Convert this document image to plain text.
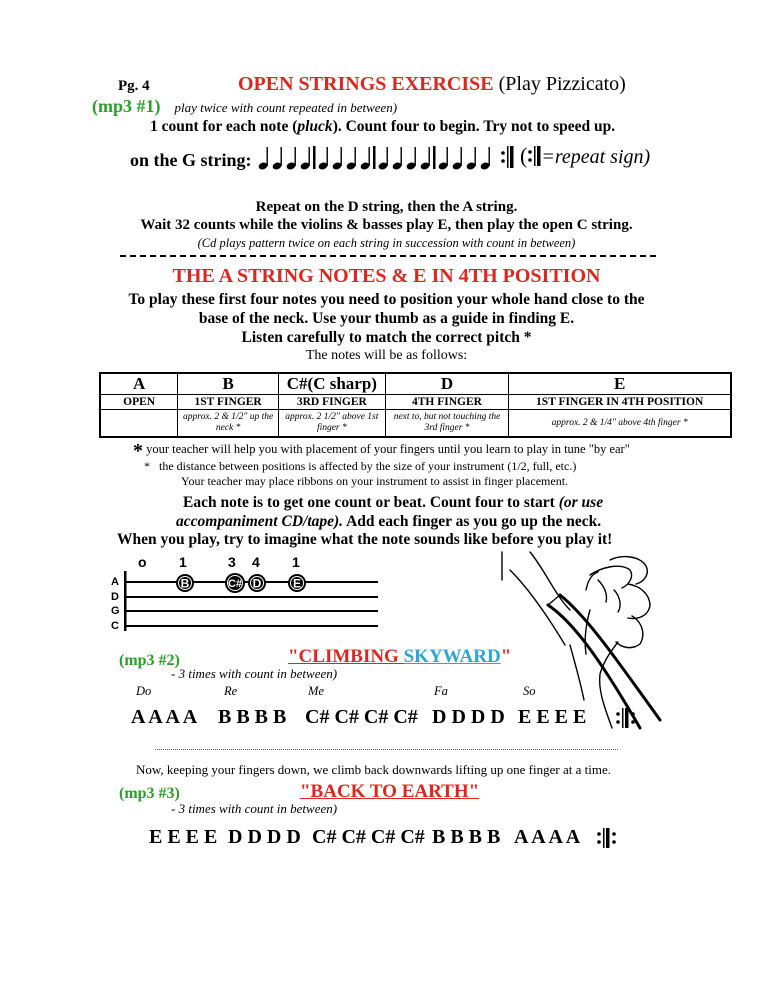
Pg. 4	OPEN STRINGS EXERCISE (Play Pizzicato)
(mp3 #1) play twice with count repeated in between)
1 count for each note (pluck). Count four to begin. Try not to speed up.
on the G string:	( =repeat sign)
Repeat on the D string, then the A string.
Wait 32 counts while the violins & basses play E, then play the open C string.
(Cd plays pattern twice on each string in succession with count in between)
THE A STRING NOTES & E IN 4TH POSITION
To play these first four notes you need to position your whole hand close to the
base of the neck. Use your thumb as a guide in finding E.
Listen carefully to match the correct pitch *
The notes will be as follows:
A	B	C#(C sharp)	D	E
OPEN	1ST FINGER	3RD FINGER	4TH FINGER	1ST FINGER IN 4TH POSITION
	approx. 2 & 1/2" up the neck *	approx. 2 1/2" above 1st finger *	next to, but not touching the 3rd finger *	approx. 2 & 1/4" above 4th finger *
* your teacher will help you with placement of your fingers until you learn to play in tune "by ear"
* the distance between positions is affected by the size of your instrument (1/2, full, etc.)
Your teacher may place ribbons on your instrument to assist in finger placement.
Each note is to get one count or beat. Count four to start (or use
accompaniment CD/tape). Add each finger as you go up the neck.
When you play, try to imagine what the note sounds like before you play it!
o 1	3 4 1
A
D
G
C
B	C# D	E
(mp3 #2)	"CLIMBING SKYWARD"
- 3 times with count in between)
Do	Re	Me	Fa	So
A A A A B B B B C# C# C# C# D D D D E E E E
Now, keeping your fingers down, we climb back downwards lifting up one finger at a time.
(mp3 #3)	"BACK TO EARTH"
- 3 times with count in between)
E E E E D D D D C# C# C# C# B B B B A A A A
